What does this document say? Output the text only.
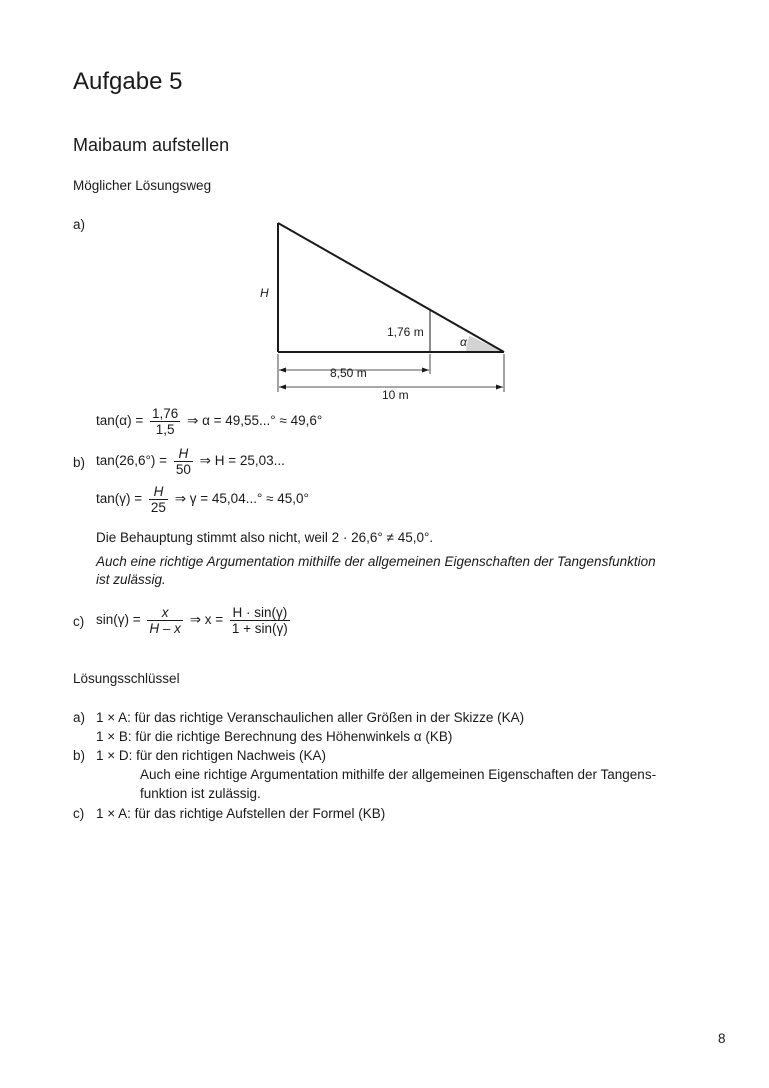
Aufgabe 5
Maibaum aufstellen
Möglicher Lösungsweg
a)
H
1,76 m
α
8,50 m
10 m
$\tan(\alpha) = \frac{1,76}{1,5}$ ⇒ α = 49,55...° ≈ 49,6°
b) $\tan(26,6^\circ) = \frac{H}{50}$ ⇒ H = 25,03...
$\tan(\gamma) = \frac{H}{25}$ ⇒ γ = 45,04...° ≈ 45,0°
Die Behauptung stimmt also nicht, weil 2 · 26,6° ≠ 45,0°.
Auch eine richtige Argumentation mithilfe der allgemeinen Eigenschaften der Tangensfunktion
ist zulässig.
c) $\sin(\gamma) = \frac{x}{H - x}$ ⇒ $x = \frac{H \cdot \sin(\gamma)}{1 + \sin(\gamma)}$
Lösungsschlüssel
a) 1 × A: für das richtige Veranschaulichen aller Größen in der Skizze (KA)
1 × B: für die richtige Berechnung des Höhenwinkels α (KB)
b) 1 × D: für den richtigen Nachweis (KA)
Auch eine richtige Argumentation mithilfe der allgemeinen Eigenschaften der Tangens-
funktion ist zulässig.
c) 1 × A: für das richtige Aufstellen der Formel (KB)
8
